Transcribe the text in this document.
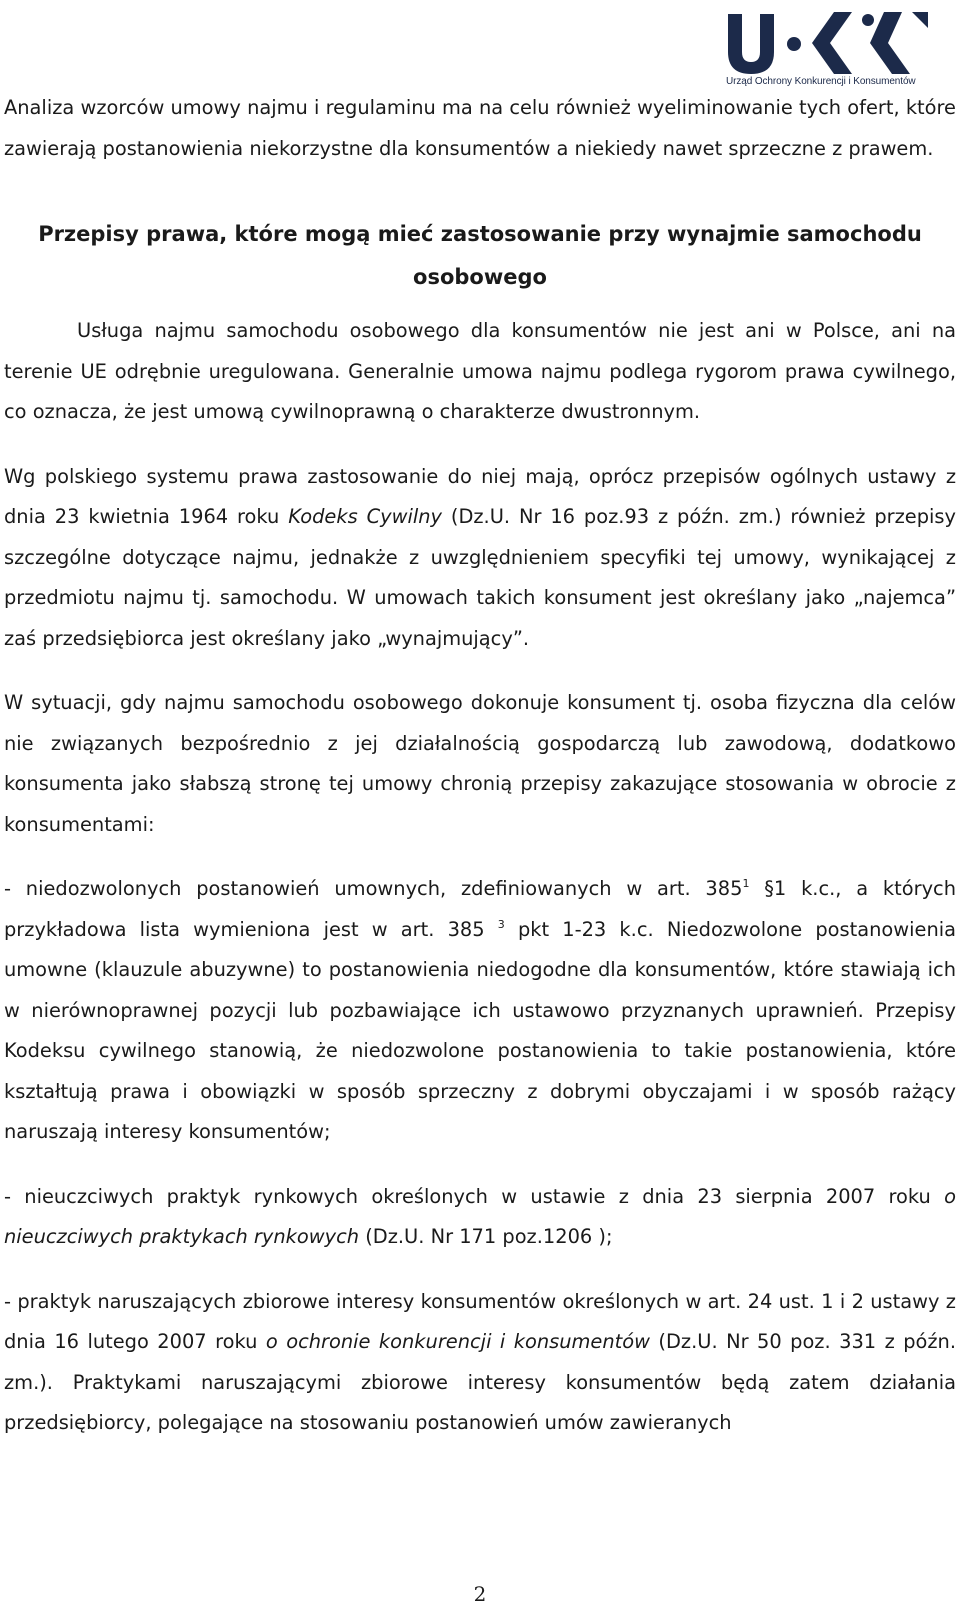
Urząd Ochrony Konkurencji i Konsumentów

Analiza wzorców umowy najmu i regulaminu ma na celu również wyeliminowanie tych ofert, które zawierają postanowienia niekorzystne dla konsumentów a niekiedy nawet sprzeczne z prawem.

Przepisy prawa, które mogą mieć zastosowanie przy wynajmie samochodu
osobowego

Usługa najmu samochodu osobowego dla konsumentów nie jest ani w Polsce, ani na terenie UE odrębnie uregulowana. Generalnie umowa najmu podlega rygorom prawa cywilnego, co oznacza, że jest umową cywilnoprawną o charakterze dwustronnym.

Wg polskiego systemu prawa zastosowanie do niej mają, oprócz przepisów ogólnych ustawy z dnia 23 kwietnia 1964 roku Kodeks Cywilny (Dz.U. Nr 16 poz.93 z późn. zm.) również przepisy szczególne dotyczące najmu, jednakże z uwzględnieniem specyfiki tej umowy, wynikającej z przedmiotu najmu tj. samochodu. W umowach takich konsument jest określany jako „najemca” zaś przedsiębiorca jest określany jako „wynajmujący”.

W sytuacji, gdy najmu samochodu osobowego dokonuje konsument tj. osoba fizyczna dla celów nie związanych bezpośrednio z jej działalnością gospodarczą lub zawodową, dodatkowo konsumenta jako słabszą stronę tej umowy chronią przepisy zakazujące stosowania w obrocie z konsumentami:

- niedozwolonych postanowień umownych, zdefiniowanych w art. $385^1$ §1 k.c., a których przykładowa lista wymieniona jest w art. 385 $^3$ pkt 1-23 k.c. Niedozwolone postanowienia umowne (klauzule abuzywne) to postanowienia niedogodne dla konsumentów, które stawiają ich w nierównoprawnej pozycji lub pozbawiające ich ustawowo przyznanych uprawnień. Przepisy Kodeksu cywilnego stanowią, że niedozwolone postanowienia to takie postanowienia, które kształtują prawa i obowiązki w sposób sprzeczny z dobrymi obyczajami i w sposób rażący naruszają interesy konsumentów;

- nieuczciwych praktyk rynkowych określonych w ustawie z dnia 23 sierpnia 2007 roku o nieuczciwych praktykach rynkowych (Dz.U. Nr 171 poz.1206 );

- praktyk naruszających zbiorowe interesy konsumentów określonych w art. 24 ust. 1 i 2 ustawy z dnia 16 lutego 2007 roku o ochronie konkurencji i konsumentów (Dz.U. Nr 50 poz. 331 z późn. zm.). Praktykami naruszającymi zbiorowe interesy konsumentów będą zatem działania przedsiębiorcy, polegające na stosowaniu postanowień umów zawieranych

2
